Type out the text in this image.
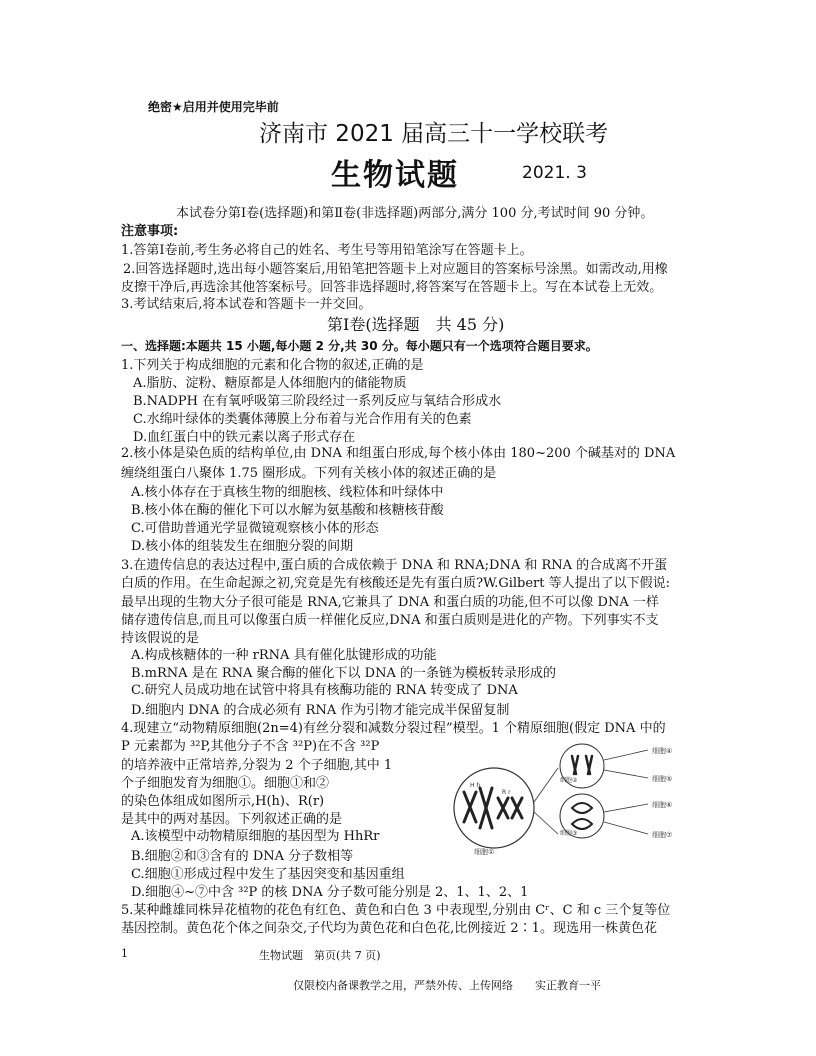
绝密★启用并使用完毕前
济南市 2021 届高三十一学校联考
生物试题	2021. 3
本试卷分第Ⅰ卷(选择题)和第Ⅱ卷(非选择题)两部分,满分 100 分,考试时间 90 分钟。
注意事项:
1.答第Ⅰ卷前,考生务必将自己的姓名、考生号等用铅笔涂写在答题卡上。
2.回答选择题时,选出每小题答案后,用铅笔把答题卡上对应题目的答案标号涂黑。如需改动,用橡
皮擦干净后,再选涂其他答案标号。回答非选择题时,将答案写在答题卡上。写在本试卷上无效。
3.考试结束后,将本试卷和答题卡一并交回。
第Ⅰ卷(选择题　共 45 分)
一、选择题:本题共 15 小题,每小题 2 分,共 30 分。每小题只有一个选项符合题目要求。
1.下列关于构成细胞的元素和化合物的叙述,正确的是
A.脂肪、淀粉、糖原都是人体细胞内的储能物质
B.NADPH 在有氧呼吸第三阶段经过一系列反应与氧结合形成水
C.水绵叶绿体的类囊体薄膜上分布着与光合作用有关的色素
D.血红蛋白中的铁元素以离子形式存在
2.核小体是染色质的结构单位,由 DNA 和组蛋白形成,每个核小体由 180~200 个碱基对的 DNA
缠绕组蛋白八聚体 1.75 圈形成。下列有关核小体的叙述正确的是
A.核小体存在于真核生物的细胞核、线粒体和叶绿体中
B.核小体在酶的催化下可以水解为氨基酸和核糖核苷酸
C.可借助普通光学显微镜观察核小体的形态
D.核小体的组装发生在细胞分裂的间期
3.在遗传信息的表达过程中,蛋白质的合成依赖于 DNA 和 RNA;DNA 和 RNA 的合成离不开蛋
白质的作用。在生命起源之初,究竟是先有核酸还是先有蛋白质?W.Gilbert 等人提出了以下假说:
最早出现的生物大分子很可能是 RNA,它兼具了 DNA 和蛋白质的功能,但不可以像 DNA 一样
储存遗传信息,而且可以像蛋白质一样催化反应,DNA 和蛋白质则是进化的产物。下列事实不支
持该假说的是
A.构成核糖体的一种 rRNA 具有催化肽键形成的功能
B.mRNA 是在 RNA 聚合酶的催化下以 DNA 的一条链为模板转录形成的
C.研究人员成功地在试管中将具有核酶功能的 RNA 转变成了 DNA
D.细胞内 DNA 的合成必须有 RNA 作为引物才能完成半保留复制
4.现建立“动物精原细胞(2n=4)有丝分裂和减数分裂过程”模型。1 个精原细胞(假定 DNA 中的
P 元素都为 ³²P,其他分子不含 ³²P)在不含 ³²P
的培养液中正常培养,分裂为 2 个子细胞,其中 1
个子细胞发育为细胞①。细胞①和②
的染色体组成如图所示,H(h)、R(r)
是其中的两对基因。下列叙述正确的是
A.该模型中动物精原细胞的基因型为 HhRr
B.细胞②和③含有的 DNA 分子数相等
C.细胞①形成过程中发生了基因突变和基因重组
D.细胞④~⑦中含 ³²P 的核 DNA 分子数可能分别是 2、1、1、2、1
H h
R r
细胞①
细胞②
细胞③
细胞④
细胞⑤
细胞⑥
细胞⑦
5.某种雌雄同株异花植物的花色有红色、黄色和白色 3 中表现型,分别由 Cʳ、C 和 c 三个复等位
基因控制。黄色花个体之间杂交,子代均为黄色花和白色花,比例接近 2∶1。现选用一株黄色花
1	生物试题　第页(共 7 页)
仅限校内备课教学之用，严禁外传、上传网络　　实正教育一平
